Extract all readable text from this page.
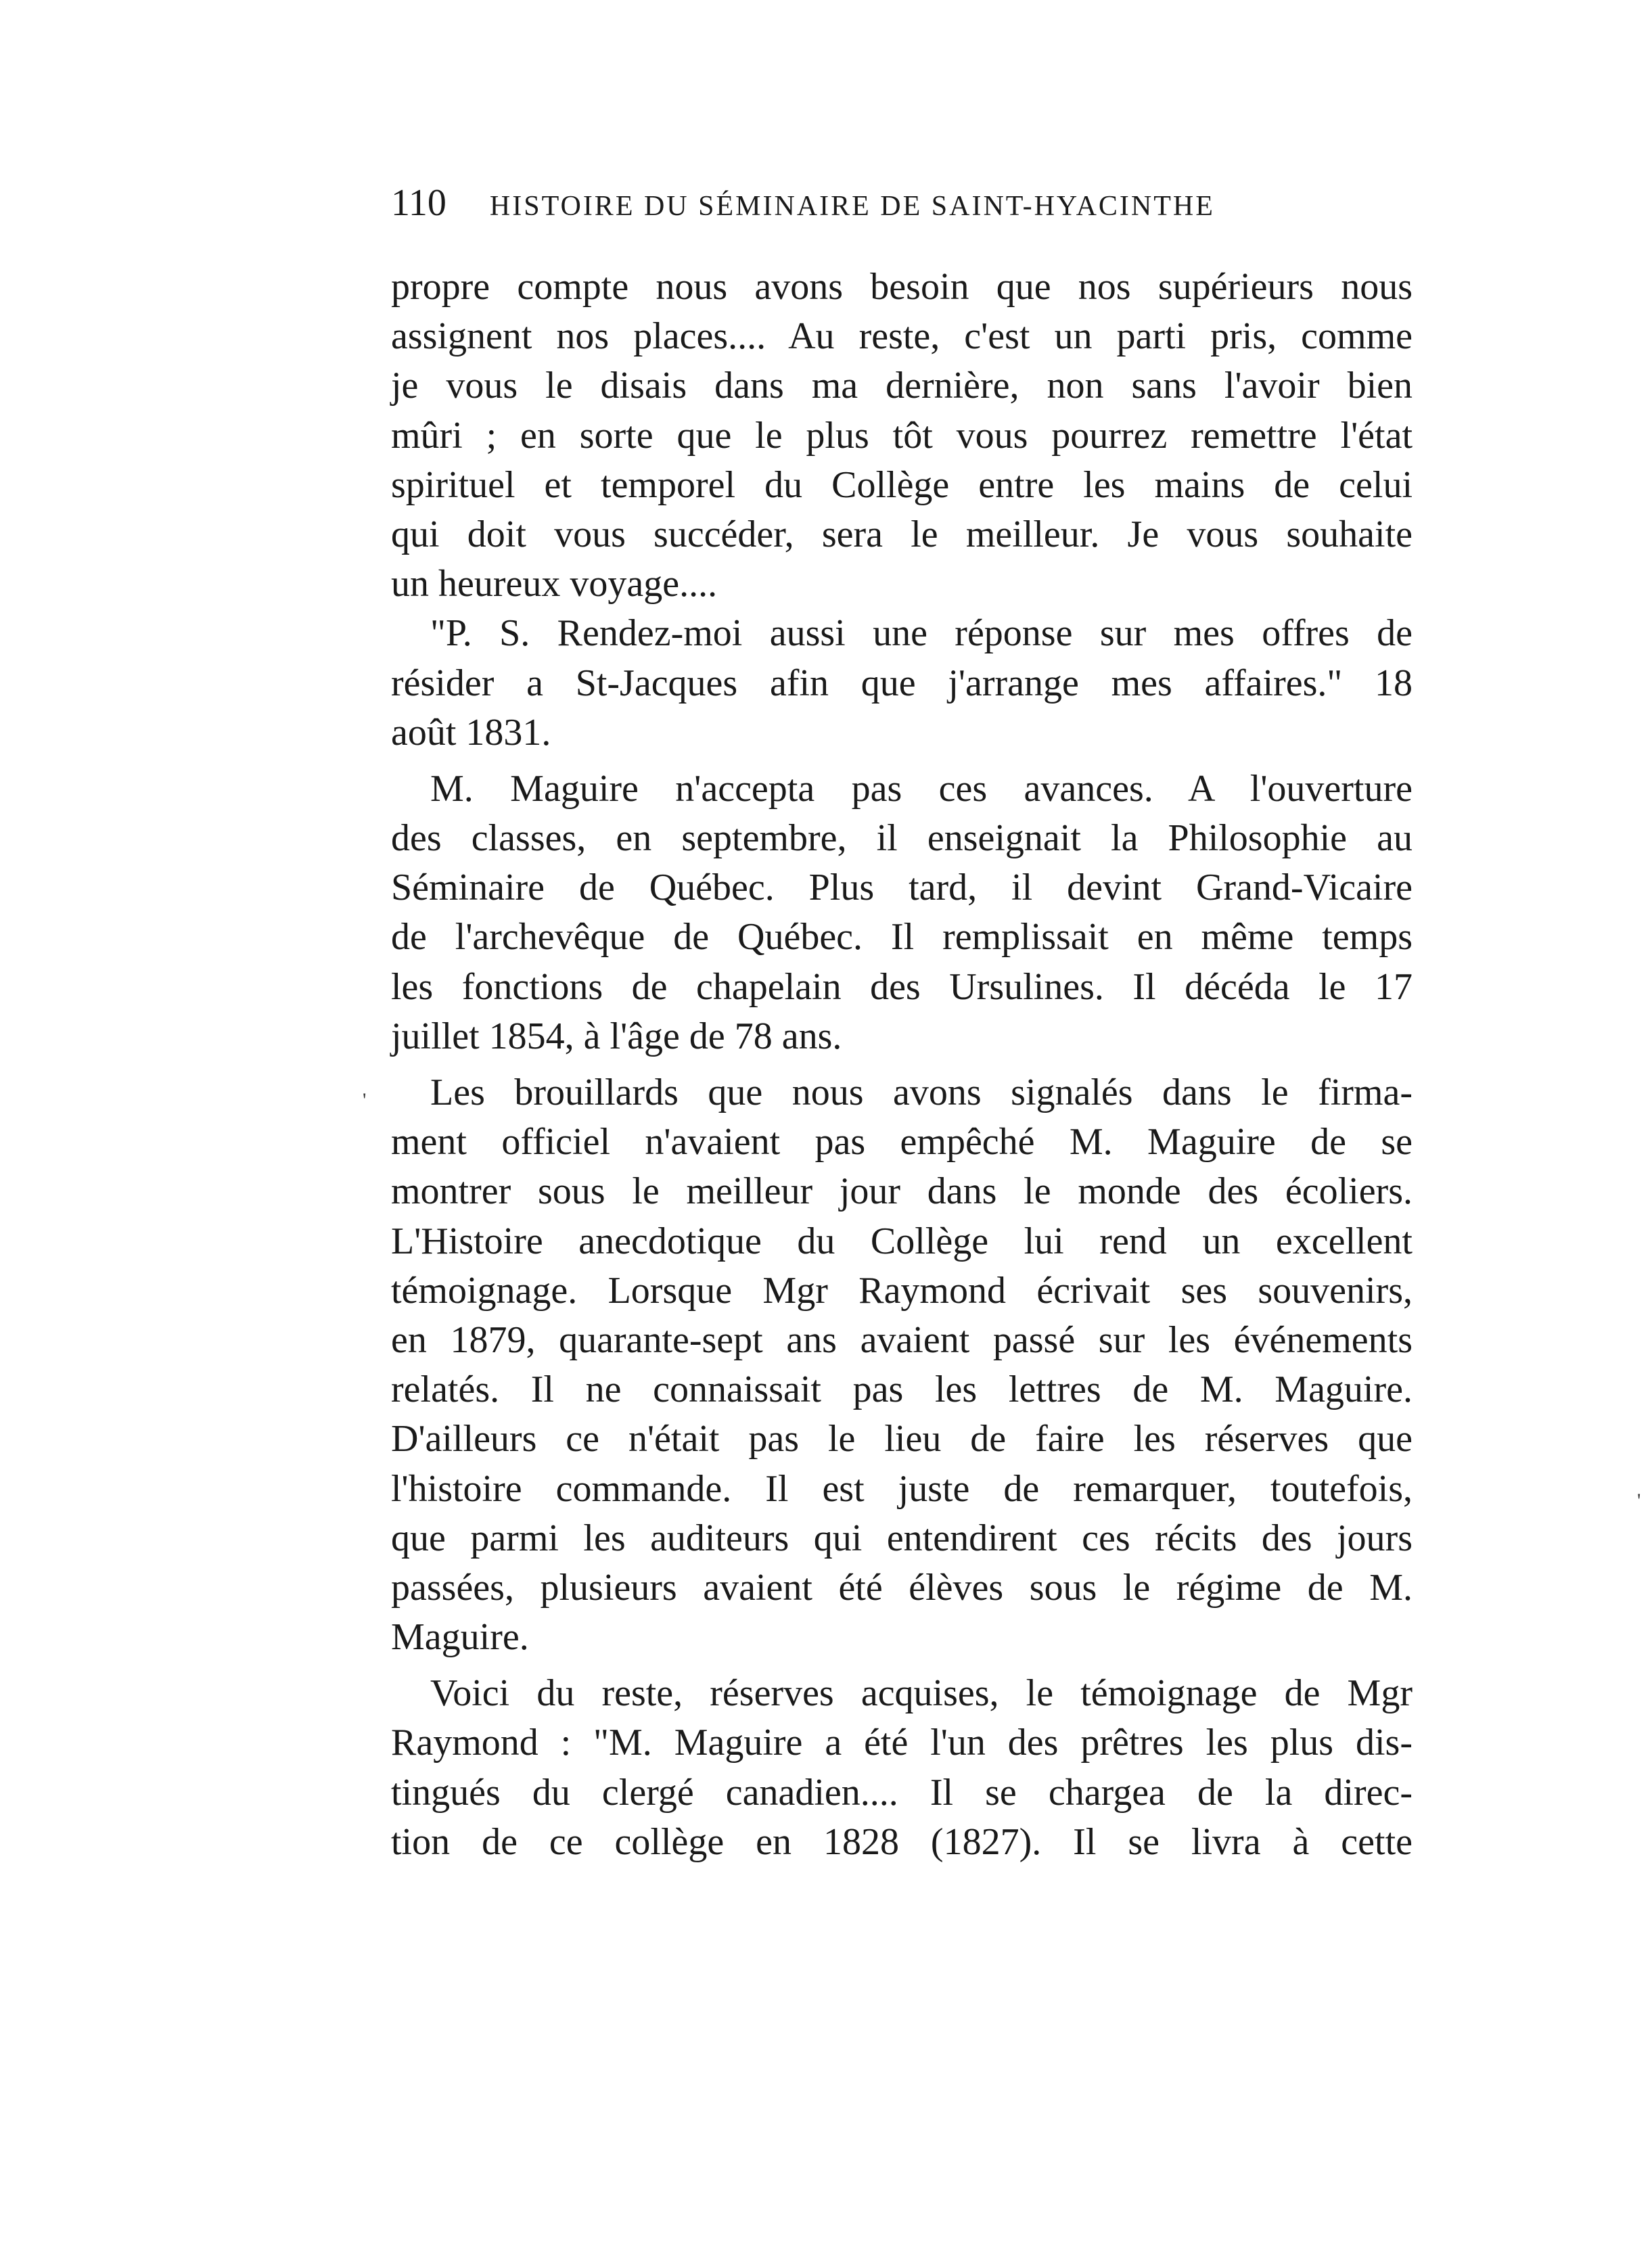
110 HISTOIRE DU SÉMINAIRE DE SAINT-HYACINTHE
propre compte nous avons besoin que nos supérieurs nous
assignent nos places.... Au reste, c'est un parti pris, comme
je vous le disais dans ma dernière, non sans l'avoir bien
mûri ; en sorte que le plus tôt vous pourrez remettre l'état
spirituel et temporel du Collège entre les mains de celui
qui doit vous succéder, sera le meilleur. Je vous souhaite
un heureux voyage....
"P. S. Rendez-moi aussi une réponse sur mes offres de
résider a St-Jacques afin que j'arrange mes affaires." 18
août 1831.
M. Maguire n'accepta pas ces avances. A l'ouverture
des classes, en septembre, il enseignait la Philosophie au
Séminaire de Québec. Plus tard, il devint Grand-Vicaire
de l'archevêque de Québec. Il remplissait en même temps
les fonctions de chapelain des Ursulines. Il décéda le 17
juillet 1854, à l'âge de 78 ans.
Les brouillards que nous avons signalés dans le firma-
ment officiel n'avaient pas empêché M. Maguire de se
montrer sous le meilleur jour dans le monde des écoliers.
L'Histoire anecdotique du Collège lui rend un excellent
témoignage. Lorsque Mgr Raymond écrivait ses souvenirs,
en 1879, quarante-sept ans avaient passé sur les événements
relatés. Il ne connaissait pas les lettres de M. Maguire.
D'ailleurs ce n'était pas le lieu de faire les réserves que
l'histoire commande. Il est juste de remarquer, toutefois,
que parmi les auditeurs qui entendirent ces récits des jours
passées, plusieurs avaient été élèves sous le régime de M.
Maguire.
Voici du reste, réserves acquises, le témoignage de Mgr
Raymond : "M. Maguire a été l'un des prêtres les plus dis-
tingués du clergé canadien.... Il se chargea de la direc-
tion de ce collège en 1828 (1827). Il se livra à cette
'
'
